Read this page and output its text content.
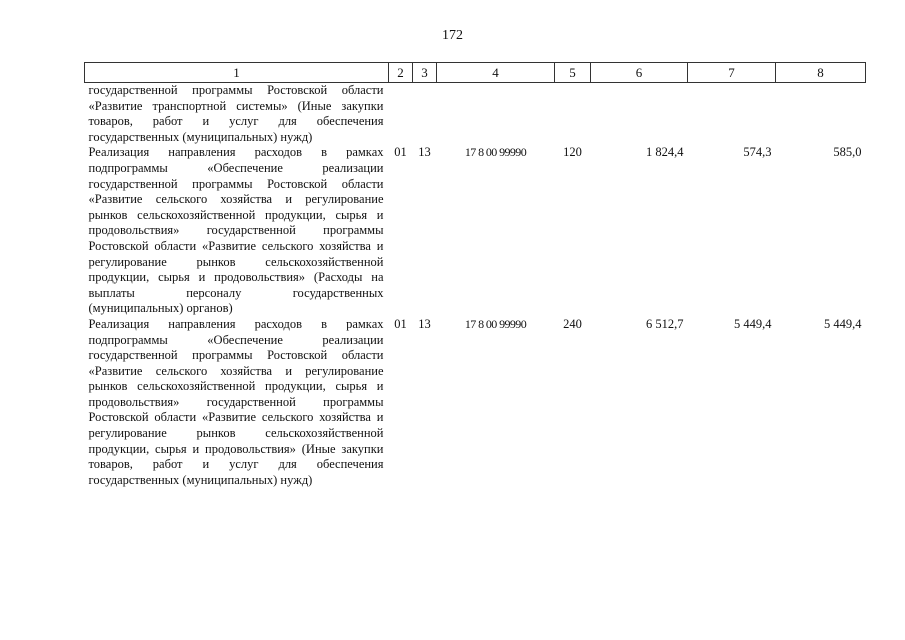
172
1	2	3	4	5	6	7	8
государственной программы Ростовской области «Развитие транспортной системы» (Иные закупки товаров, работ и услуг для обеспечения государственных (муниципальных) нужд)							
Реализация направления расходов в рамках подпрограммы «Обеспечение реализации государственной программы Ростовской области «Развитие сельского хозяйства и регулирование рынков сельскохозяйственной продукции, сырья и продовольствия» государственной программы Ростовской области «Развитие сельского хозяйства и регулирование рынков сельскохозяйственной продукции, сырья и продовольствия» (Расходы на выплаты персоналу государственных (муниципальных) органов)	01	13	17 8 00 99990	120	1 824,4	574,3	585,0
Реализация направления расходов в рамках подпрограммы «Обеспечение реализации государственной программы Ростовской области «Развитие сельского хозяйства и регулирование рынков сельскохозяйственной продукции, сырья и продовольствия» государственной программы Ростовской области «Развитие сельского хозяйства и регулирование рынков сельскохозяйственной продукции, сырья и продовольствия» (Иные закупки товаров, работ и услуг для обеспечения государственных (муниципальных) нужд)	01	13	17 8 00 99990	240	6 512,7	5 449,4	5 449,4
